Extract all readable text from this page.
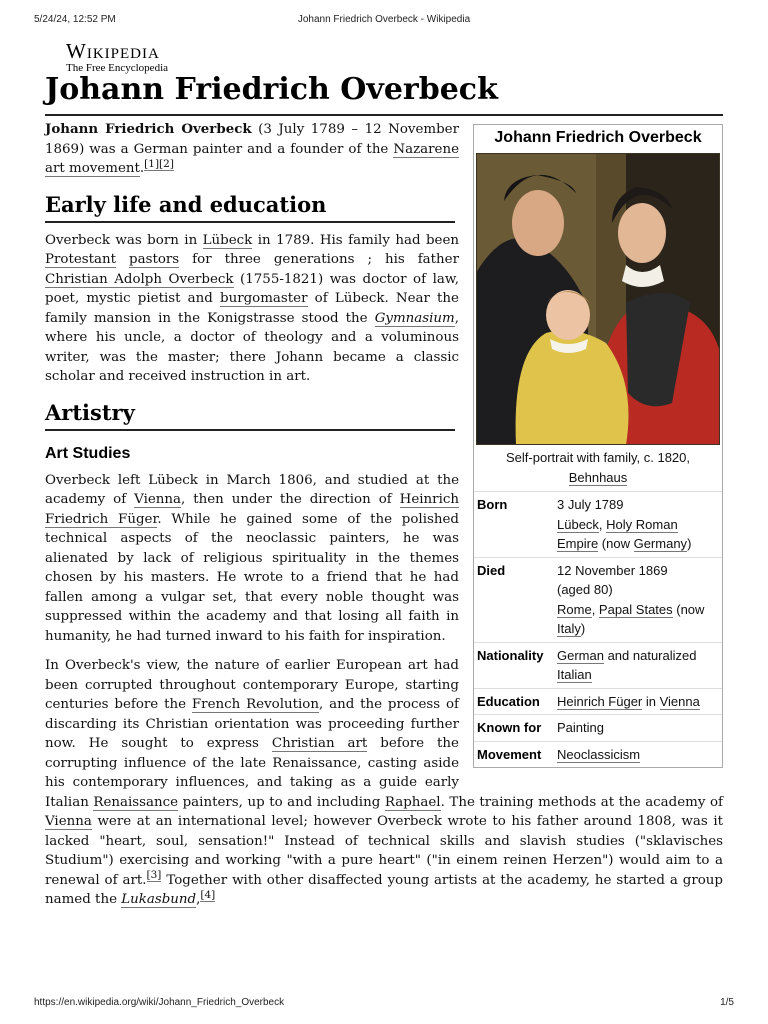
5/24/24, 12:52 PM	Johann Friedrich Overbeck - Wikipedia
Wikipedia
The Free Encyclopedia
Johann Friedrich Overbeck
Johann Friedrich Overbeck
Self-portrait with family, c. 1820, Behnhaus
Born	3 July 1789
Lübeck, Holy Roman Empire (now Germany)
Died	12 November 1869
(aged 80)
Rome, Papal States (now Italy)
Nationality	German and naturalized Italian
Education	Heinrich Füger in Vienna
Known for	Painting
Movement	Neoclassicism

Johann Friedrich Overbeck (3 July 1789 – 12 November 1869) was a German painter and a founder of the Nazarene art movement.[1][2]

Early life and education

Overbeck was born in Lübeck in 1789. His family had been Protestant pastors for three generations ; his father Christian Adolph Overbeck (1755-1821) was doctor of law, poet, mystic pietist and burgomaster of Lübeck. Near the family mansion in the Konigstrasse stood the Gymnasium, where his uncle, a doctor of theology and a voluminous writer, was the master; there Johann became a classic scholar and received instruction in art.

Artistry
Art Studies

Overbeck left Lübeck in March 1806, and studied at the academy of Vienna, then under the direction of Heinrich Friedrich Füger. While he gained some of the polished technical aspects of the neoclassic painters, he was alienated by lack of religious spirituality in the themes chosen by his masters. He wrote to a friend that he had fallen among a vulgar set, that every noble thought was suppressed within the academy and that losing all faith in humanity, he had turned inward to his faith for inspiration.

In Overbeck's view, the nature of earlier European art had been corrupted throughout contemporary Europe, starting centuries before the French Revolution, and the process of discarding its Christian orientation was proceeding further now. He sought to express Christian art before the corrupting influence of the late Renaissance, casting aside his contemporary influences, and taking as a guide early Italian Renaissance painters, up to and including Raphael. The training methods at the academy of Vienna were at an international level; however Overbeck wrote to his father around 1808, was it lacked "heart, soul, sensation!" Instead of technical skills and slavish studies ("sklavisches Studium") exercising and working "with a pure heart" ("in einem reinen Herzen") would aim to a renewal of art.[3] Together with other disaffected young artists at the academy, he started a group named the Lukasbund,[4]

https://en.wikipedia.org/wiki/Johann_Friedrich_Overbeck	1/5
